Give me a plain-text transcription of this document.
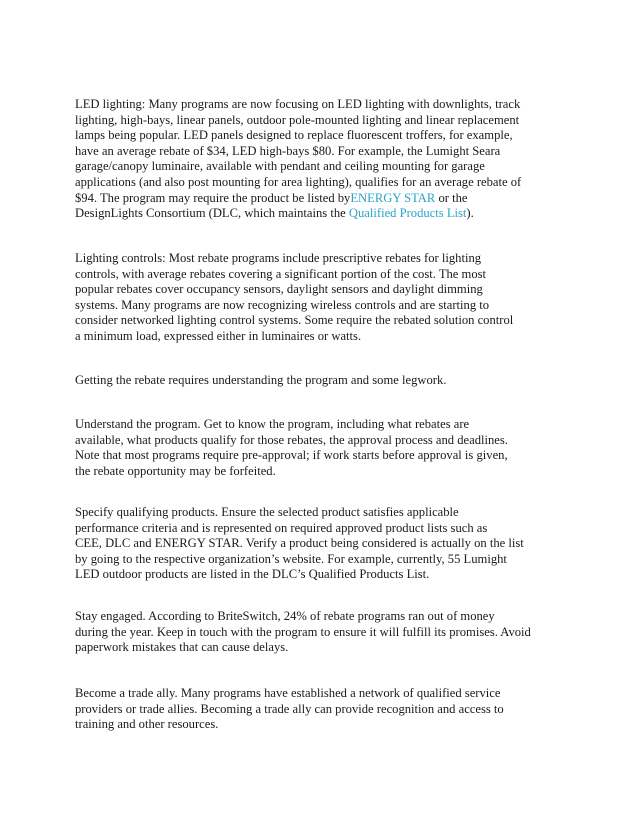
LED lighting: Many programs are now focusing on LED lighting with downlights, track
lighting, high-bays, linear panels, outdoor pole-mounted lighting and linear replacement
lamps being popular. LED panels designed to replace fluorescent troffers, for example,
have an average rebate of $34, LED high-bays $80. For example, the Lumight Seara
garage/canopy luminaire, available with pendant and ceiling mounting for garage
applications (and also post mounting for area lighting), qualifies for an average rebate of
$94. The program may require the product be listed byENERGY STAR or the
DesignLights Consortium (DLC, which maintains the Qualified Products List).

Lighting controls: Most rebate programs include prescriptive rebates for lighting
controls, with average rebates covering a significant portion of the cost. The most
popular rebates cover occupancy sensors, daylight sensors and daylight dimming
systems. Many programs are now recognizing wireless controls and are starting to
consider networked lighting control systems. Some require the rebated solution control
a minimum load, expressed either in luminaires or watts.

Getting the rebate requires understanding the program and some legwork.

Understand the program. Get to know the program, including what rebates are
available, what products qualify for those rebates, the approval process and deadlines.
Note that most programs require pre-approval; if work starts before approval is given,
the rebate opportunity may be forfeited.

Specify qualifying products. Ensure the selected product satisfies applicable
performance criteria and is represented on required approved product lists such as
CEE, DLC and ENERGY STAR. Verify a product being considered is actually on the list
by going to the respective organization’s website. For example, currently, 55 Lumight
LED outdoor products are listed in the DLC’s Qualified Products List.

Stay engaged. According to BriteSwitch, 24% of rebate programs ran out of money
during the year. Keep in touch with the program to ensure it will fulfill its promises. Avoid
paperwork mistakes that can cause delays.

Become a trade ally. Many programs have established a network of qualified service
providers or trade allies. Becoming a trade ally can provide recognition and access to
training and other resources.
